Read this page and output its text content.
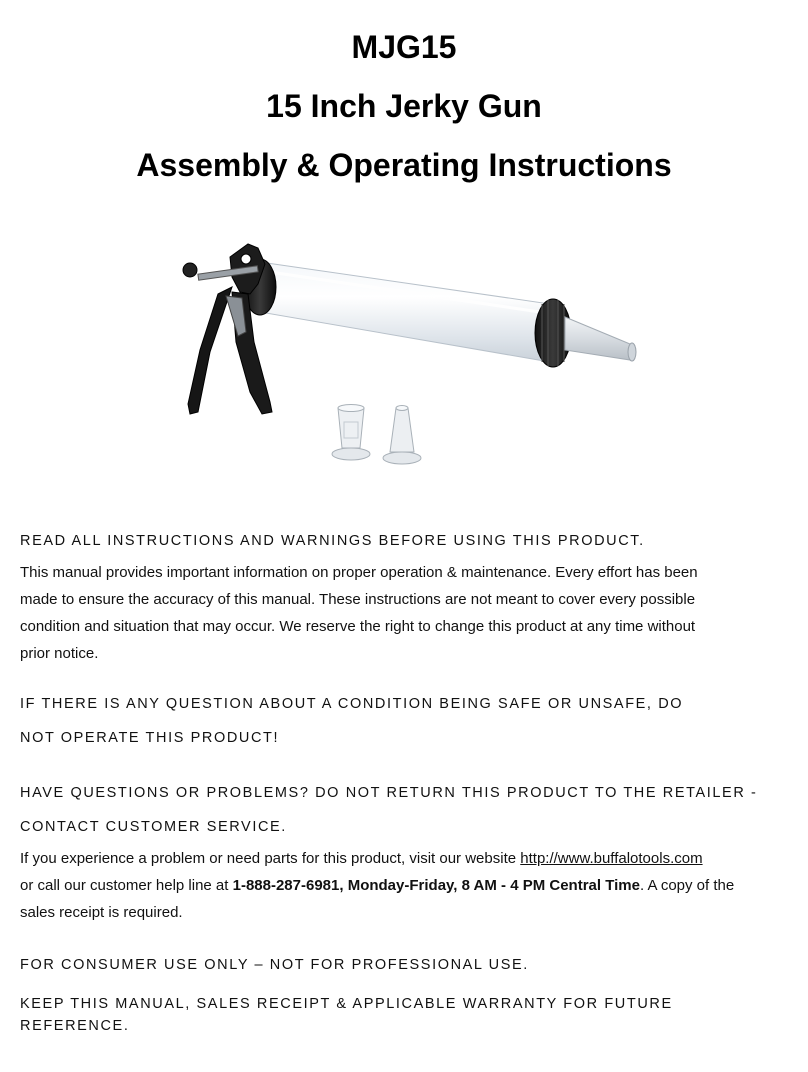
MJG15
15 Inch Jerky Gun
Assembly & Operating Instructions

READ ALL INSTRUCTIONS AND WARNINGS BEFORE USING THIS PRODUCT.

This manual provides important information on proper operation & maintenance. Every effort has been

made to ensure the accuracy of this manual. These instructions are not meant to cover every possible

condition and situation that may occur. We reserve the right to change this product at any time without

prior notice.

IF THERE IS ANY QUESTION ABOUT A CONDITION BEING SAFE OR UNSAFE, DO

NOT OPERATE THIS PRODUCT!

HAVE QUESTIONS OR PROBLEMS? DO NOT RETURN THIS PRODUCT TO THE RETAILER -

CONTACT CUSTOMER SERVICE.

If you experience a problem or need parts for this product, visit our website http://www.buffalotools.com

or call our customer help line at 1-888-287-6981, Monday-Friday, 8 AM - 4 PM Central Time. A copy of the

sales receipt is required.

FOR CONSUMER USE ONLY – NOT FOR PROFESSIONAL USE.

KEEP THIS MANUAL, SALES RECEIPT & APPLICABLE WARRANTY FOR FUTURE

REFERENCE.
